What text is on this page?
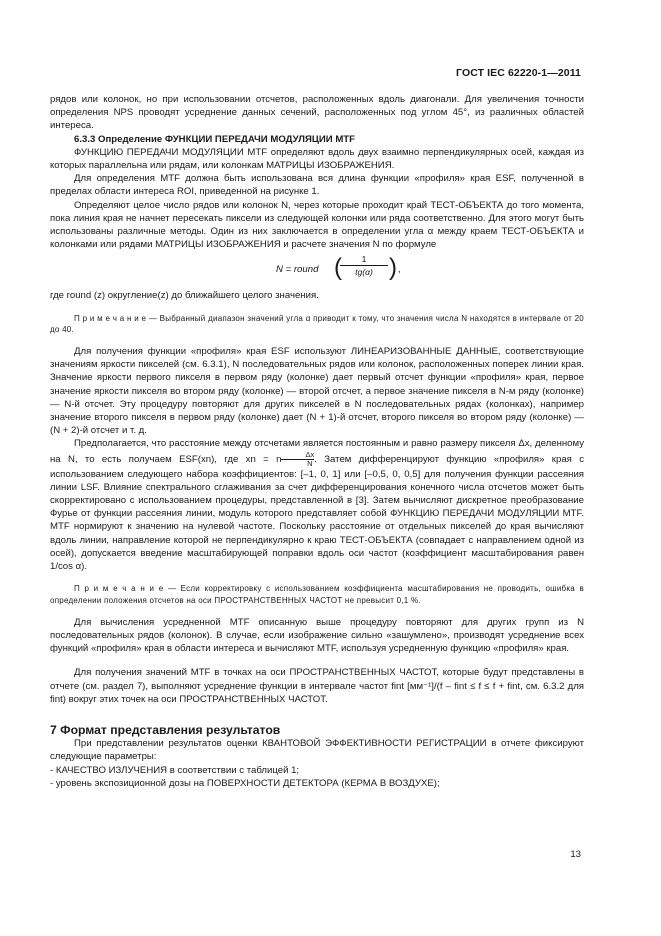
ГОСТ IEC 62220-1—2011

рядов или колонок, но при использовании отсчетов, расположенных вдоль диагонали. Для увеличения точности определения NPS проводят усреднение данных сечений, расположенных под углом 45°, из различных областей интереса.

6.3.3 Определение ФУНКЦИИ ПЕРЕДАЧИ МОДУЛЯЦИИ MTF

ФУНКЦИЮ ПЕРЕДАЧИ МОДУЛЯЦИИ MTF определяют вдоль двух взаимно перпендикулярных осей, каждая из которых параллельна или рядам, или колонкам МАТРИЦЫ ИЗОБРАЖЕНИЯ.

Для определения MTF должна быть использована вся длина функции «профиля» края ESF, полученной в пределах области интереса ROI, приведенной на рисунке 1.

Определяют целое число рядов или колонок N, через которые проходит край ТЕСТ-ОБЪЕКТА до того момента, пока линия края не начнет пересекать пиксели из следующей колонки или ряда соответственно. Для этого могут быть использованы различные методы. Один из них заключается в определении угла α между краем ТЕСТ-ОБЪЕКТА и колонками или рядами МАТРИЦЫ ИЗОБРАЖЕНИЯ и расчете значения N по формуле

N = round (
$\frac{1}{tg(\alpha)}$ ) ,

где round (z) округление(z) до ближайшего целого значения.

П р и м е ч а н и е — Выбранный диапазон значений угла α приводит к тому, что значения числа N находятся в интервале от 20 до 40.

Для получения функции «профиля» края ESF используют ЛИНЕАРИЗОВАННЫЕ ДАННЫЕ, соответствующие значениям яркости пикселей (см. 6.3.1), N последовательных рядов или колонок, расположенных поперек линии края. Значение яркости первого пикселя в первом ряду (колонке) дает первый отсчет функции «профиля» края, первое значение яркости пикселя во втором ряду (колонке) — второй отсчет, а первое значение пикселя в N-м ряду (колонке) — N-й отсчет. Эту процедуру повторяют для других пикселей в N последовательных рядах (колонках), например значение второго пикселя в первом ряду (колонке) дает (N + 1)-й отсчет, второго пикселя во втором ряду (колонке) — (N + 2)-й отсчет и т. д.

Предполагается, что расстояние между отсчетами является постоянным и равно размеру пикселя Δx, деленному на N, то есть получаем ESF(xn), где xn = n $\frac{\Delta x}{N}$ . Затем дифференцируют функцию «профиля» края с использованием следующего набора коэффициентов: [–1, 0, 1] или [–0,5, 0, 0,5] для получения функции рассеяния линии LSF. Влияние спектрального сглаживания за счет дифференцирования конечного числа отсчетов может быть скорректировано с использованием процедуры, представленной в [3]. Затем вычисляют дискретное преобразование Фурье от функции рассеяния линии, модуль которого представляет собой ФУНКЦИЮ ПЕРЕДАЧИ МОДУЛЯЦИИ MTF. MTF нормируют к значению на нулевой частоте. Поскольку расстояние от отдельных пикселей до края вычисляют вдоль линии, направление которой не перпендикулярно к краю ТЕСТ-ОБЪЕКТА (совпадает с направлением одной из осей), допускается введение масштабирующей поправки вдоль оси частот (коэффициент масштабирования равен 1/cos α).

П р и м е ч а н и е — Если корректировку с использованием коэффициента масштабирования не проводить, ошибка в определении положения отсчетов на оси ПРОСТРАНСТВЕННЫХ ЧАСТОТ не превысит 0,1 %.

Для вычисления усредненной MTF описанную выше процедуру повторяют для других групп из N последовательных рядов (колонок). В случае, если изображение сильно «зашумлено», производят усреднение всех функций «профиля» края в области интереса и вычисляют MTF, используя усредненную функцию «профиля» края.

Для получения значений MTF в точках на оси ПРОСТРАНСТВЕННЫХ ЧАСТОТ, которые будут представлены в отчете (см. раздел 7), выполняют усреднение функции в интервале частот fint [мм⁻¹]/(f – fint ≤ f ≤ f + fint, см. 6.3.2 для fint) вокруг этих точек на оси ПРОСТРАНСТВЕННЫХ ЧАСТОТ.

7 Формат представления результатов

При представлении результатов оценки КВАНТОВОЙ ЭФФЕКТИВНОСТИ РЕГИСТРАЦИИ в отчете фиксируют следующие параметры:

- КАЧЕСТВО ИЗЛУЧЕНИЯ в соответствии с таблицей 1;

- уровень экспозиционной дозы на ПОВЕРХНОСТИ ДЕТЕКТОРА (КЕРМА В ВОЗДУХЕ);

13
